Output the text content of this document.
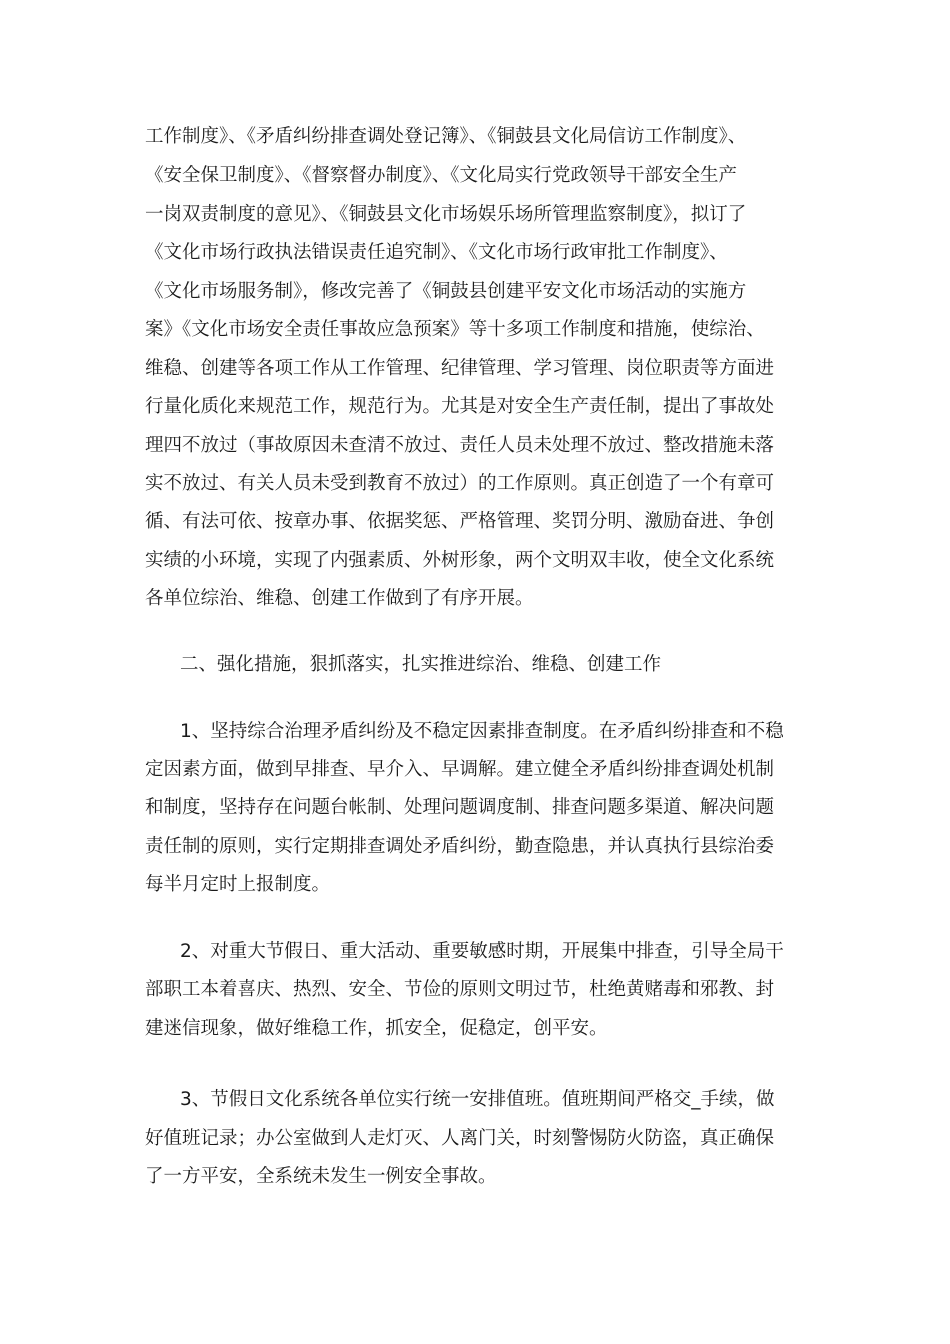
工作制度》、《矛盾纠纷排查调处登记簿》、《铜鼓县文化局信访工作制度》、

《安全保卫制度》、《督察督办制度》、《文化局实行党政领导干部安全生产

一岗双责制度的意见》、《铜鼓县文化市场娱乐场所管理监察制度》，拟订了

《文化市场行政执法错误责任追究制》、《文化市场行政审批工作制度》、

《文化市场服务制》，修改完善了《铜鼓县创建平安文化市场活动的实施方

案》《文化市场安全责任事故应急预案》等十多项工作制度和措施，使综治、

维稳、创建等各项工作从工作管理、纪律管理、学习管理、岗位职责等方面进

行量化质化来规范工作，规范行为。尤其是对安全生产责任制，提出了事故处

理四不放过（事故原因未查清不放过、责任人员未处理不放过、整改措施未落

实不放过、有关人员未受到教育不放过）的工作原则。真正创造了一个有章可

循、有法可依、按章办事、依据奖惩、严格管理、奖罚分明、激励奋进、争创

实绩的小环境，实现了内强素质、外树形象，两个文明双丰收，使全文化系统

各单位综治、维稳、创建工作做到了有序开展。

二、强化措施，狠抓落实，扎实推进综治、维稳、创建工作

1、坚持综合治理矛盾纠纷及不稳定因素排查制度。在矛盾纠纷排查和不稳

定因素方面，做到早排查、早介入、早调解。建立健全矛盾纠纷排查调处机制

和制度，坚持存在问题台帐制、处理问题调度制、排查问题多渠道、解决问题

责任制的原则，实行定期排查调处矛盾纠纷，勤查隐患，并认真执行县综治委

每半月定时上报制度。

2、对重大节假日、重大活动、重要敏感时期，开展集中排查，引导全局干

部职工本着喜庆、热烈、安全、节俭的原则文明过节，杜绝黄赌毒和邪教、封

建迷信现象，做好维稳工作，抓安全，促稳定，创平安。

3、节假日文化系统各单位实行统一安排值班。值班期间严格交_手续，做

好值班记录；办公室做到人走灯灭、人离门关，时刻警惕防火防盗，真正确保

了一方平安，全系统未发生一例安全事故。
